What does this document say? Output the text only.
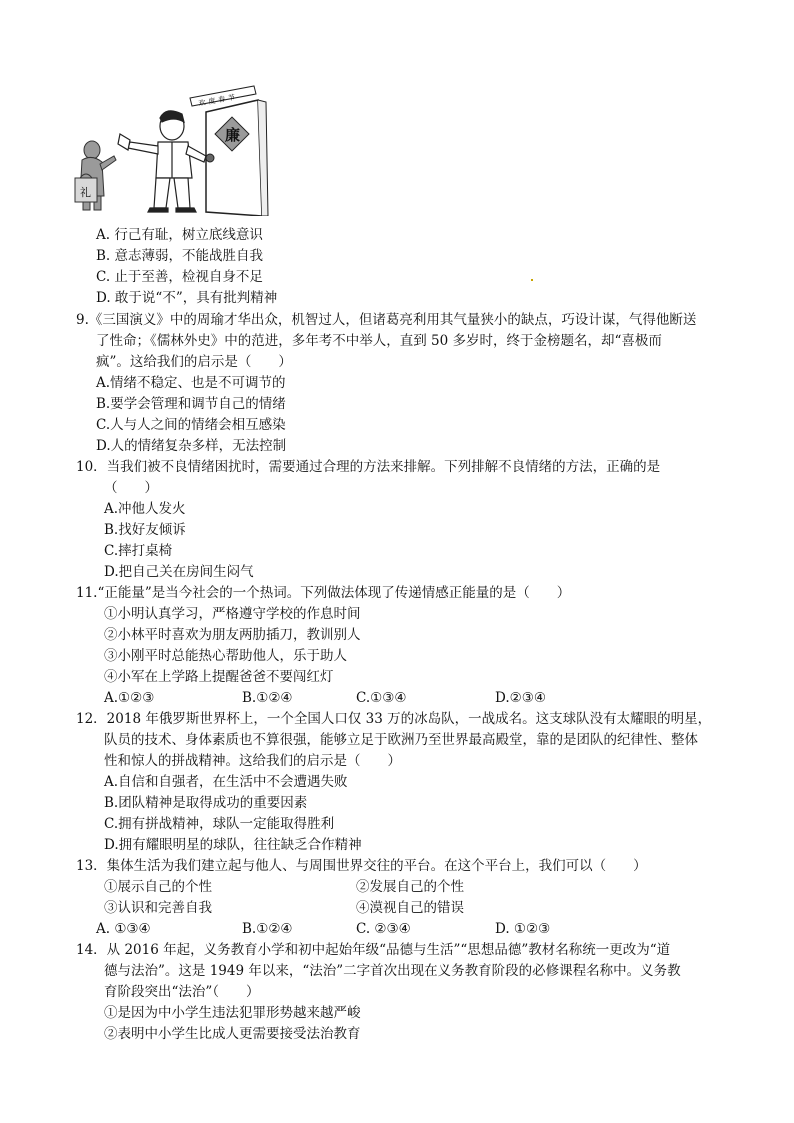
礼
廉
欢度春节
A. 行己有耻，树立底线意识
B. 意志薄弱，不能战胜自我
C. 止于至善，检视自身不足
D. 敢于说“不”，具有批判精神
9.《三国演义》中的周瑜才华出众，机智过人，但诸葛亮利用其气量狭小的缺点，巧设计谋，气得他断送
了性命；《儒林外史》中的范进，多年考不中举人，直到 50 多岁时，终于金榜题名，却“喜极而
疯”。这给我们的启示是（　　）
A.情绪不稳定、也是不可调节的
B.要学会管理和调节自己的情绪
C.人与人之间的情绪会相互感染
D.人的情绪复杂多样，无法控制
10．当我们被不良情绪困扰时，需要通过合理的方法来排解。下列排解不良情绪的方法，正确的是
（　　）
A.冲他人发火
B.找好友倾诉
C.摔打桌椅
D.把自己关在房间生闷气
11.“正能量”是当今社会的一个热词。下列做法体现了传递情感正能量的是（　　）
①小明认真学习，严格遵守学校的作息时间
②小林平时喜欢为朋友两肋插刀，教训别人
③小刚平时总能热心帮助他人，乐于助人
④小军在上学路上提醒爸爸不要闯红灯
A.①②③	B.①②④	C.①③④	D.②③④
12．2018 年俄罗斯世界杯上，一个全国人口仅 33 万的冰岛队，一战成名。这支球队没有太耀眼的明星，
队员的技术、身体素质也不算很强，能够立足于欧洲乃至世界最高殿堂，靠的是团队的纪律性、整体
性和惊人的拼战精神。这给我们的启示是（　　）
A.自信和自强者，在生活中不会遭遇失败
B.团队精神是取得成功的重要因素
C.拥有拼战精神，球队一定能取得胜利
D.拥有耀眼明星的球队，往往缺乏合作精神
13．集体生活为我们建立起与他人、与周围世界交往的平台。在这个平台上，我们可以（　　）
①展示自己的个性	②发展自己的个性
③认识和完善自我	④漠视自己的错误
A. ①③④	B.①②④	C. ②③④	D. ①②③
14．从 2016 年起，义务教育小学和初中起始年级“品德与生活”“思想品德”教材名称统一更改为“道
德与法治”。这是 1949 年以来，“法治”二字首次出现在义务教育阶段的必修课程名称中。义务教
育阶段突出“法治”（　　）
①是因为中小学生违法犯罪形势越来越严峻
②表明中小学生比成人更需要接受法治教育
